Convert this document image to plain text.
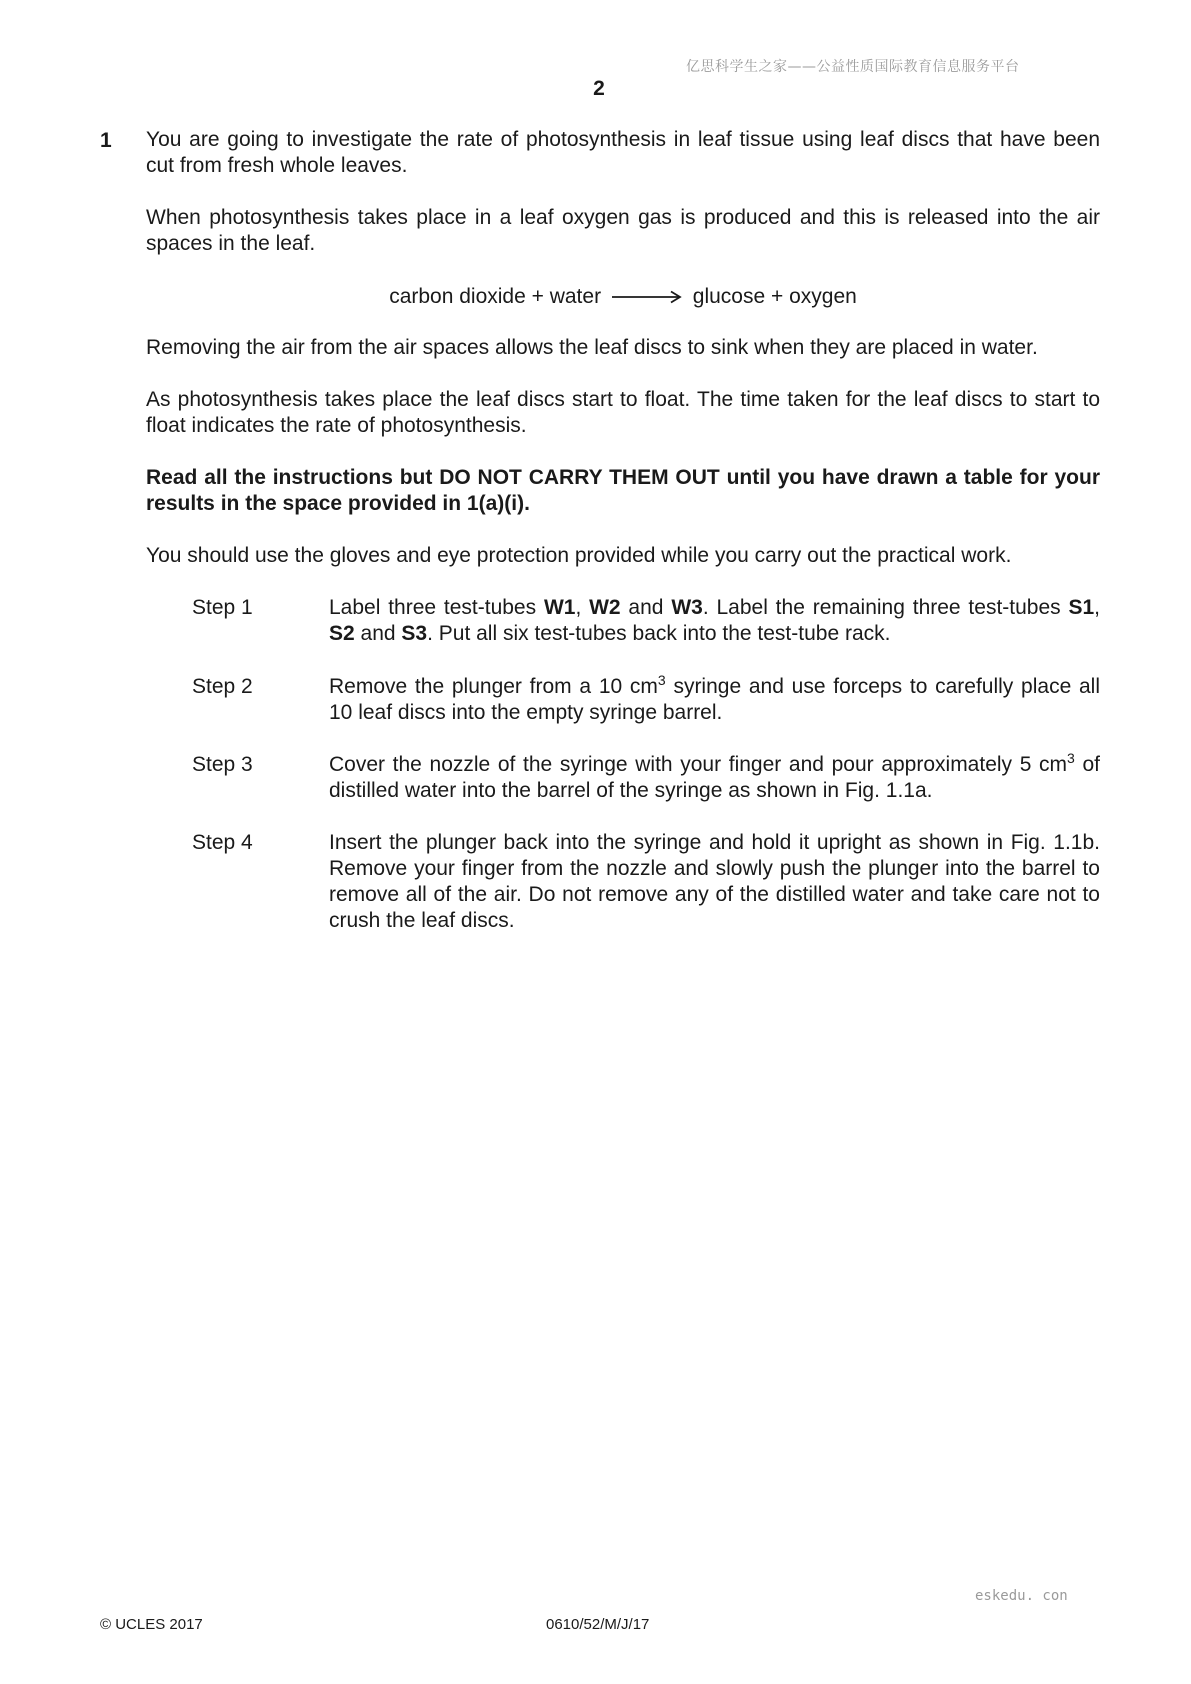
亿思科学生之家——公益性质国际教育信息服务平台
2
1 You are going to investigate the rate of photosynthesis in leaf tissue using leaf discs that have been cut from fresh whole leaves.

When photosynthesis takes place in a leaf oxygen gas is produced and this is released into the air spaces in the leaf.

carbon dioxide + water → glucose + oxygen

Removing the air from the air spaces allows the leaf discs to sink when they are placed in water.

As photosynthesis takes place the leaf discs start to float. The time taken for the leaf discs to start to float indicates the rate of photosynthesis.

Read all the instructions but DO NOT CARRY THEM OUT until you have drawn a table for your results in the space provided in 1(a)(i).

You should use the gloves and eye protection provided while you carry out the practical work.

Step 1	Label three test-tubes W1, W2 and W3. Label the remaining three test-tubes S1, S2 and S3. Put all six test-tubes back into the test-tube rack.

Step 2	Remove the plunger from a 10 $cm^3$ syringe and use forceps to carefully place all 10 leaf discs into the empty syringe barrel.

Step 3	Cover the nozzle of the syringe with your finger and pour approximately 5 $cm^3$ of distilled water into the barrel of the syringe as shown in Fig. 1.1a.

Step 4	Insert the plunger back into the syringe and hold it upright as shown in Fig. 1.1b. Remove your finger from the nozzle and slowly push the plunger into the barrel to remove all of the air. Do not remove any of the distilled water and take care not to crush the leaf discs.

eskedu. con
© UCLES 2017	0610/52/M/J/17
